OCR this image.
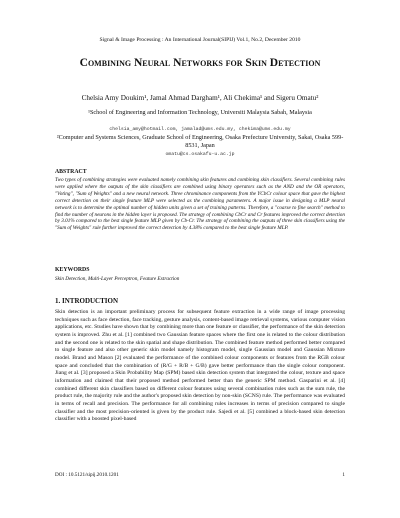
Signal & Image Processing : An International Journal(SIPIJ) Vol.1, No.2, December 2010
Combining Neural Networks for Skin Detection
Chelsia Amy Doukim¹, Jamal Ahmad Dargham¹, Ali Chekima¹ and Sigeru Omatu²
¹School of Engineering and Information Technology, Universiti Malaysia Sabah, Malaysia
chelsia_amy@hotmail.com, jamalad@ums.edu.my, chekima@ums.edu.my
²Computer and Systems Sciences, Graduate School of Engineering, Osaka Prefecture University, Sakai, Osaka 599-8531, Japan
omatu@cs.osakafu-u.ac.jp
ABSTRACT
Two types of combining strategies were evaluated namely combining skin features and combining skin classifiers. Several combining rules were applied where the outputs of the skin classifiers are combined using binary operators such as the AND and the OR operators, "Voting", "Sum of Weights" and a new neural network. Three chrominance components from the YCbCr colour space that gave the highest correct detection on their single feature MLP were selected as the combining parameters. A major issue in designing a MLP neural network is to determine the optimal number of hidden units given a set of training patterns. Therefore, a "coarse to fine search" method to find the number of neurons in the hidden layer is proposed. The strategy of combining CbCr and Cr features improved the correct detection by 3.01% compared to the best single feature MLP given by Cb-Cr. The strategy of combining the outputs of three skin classifiers using the "Sum of Weights" rule further improved the correct detection by 4.38% compared to the best single feature MLP.
KEYWORDS
Skin Detection, Multi-Layer Perceptron, Feature Extraction
1. INTRODUCTION
Skin detection is an important preliminary process for subsequent feature extraction in a wide range of image processing techniques such as face detection, face tracking, gesture analysis, content-based image retrieval systems, various computer vision applications, etc. Studies have shown that by combining more than one feature or classifier, the performance of the skin detection system is improved. Zhu et al. [1] combined two Gaussian feature spaces where the first one is related to the colour distribution and the second one is related to the skin spatial and shape distribution. The combined feature method performed better compared to single feature and also other generic skin model namely histogram model, single Gaussian model and Gaussian Mixture model. Brand and Mason [2] evaluated the performance of the combined colour components or features from the RGB colour space and concluded that the combination of (R/G + R/B + G/B) gave better performance than the single colour component. Jiang et al. [3] proposed a Skin Probability Map (SPM) based skin detection system that integrated the colour, texture and space information and claimed that their proposed method performed better than the generic SPM method. Gasparini et al. [4] combined different skin classifiers based on different colour features using several combination rules such as the sum rule, the product rule, the majority rule and the author's proposed skin detection by non-skin (SCNS) rule. The performance was evaluated in terms of recall and precision. The performance for all combining rules increases in terms of precision compared to single classifier and the most precision-oriented is given by the product rule. Sajedi et al. [5] combined a block-based skin detection classifier with a boosted pixel-based
DOI : 10.5121/sipij.2010.1201	1
